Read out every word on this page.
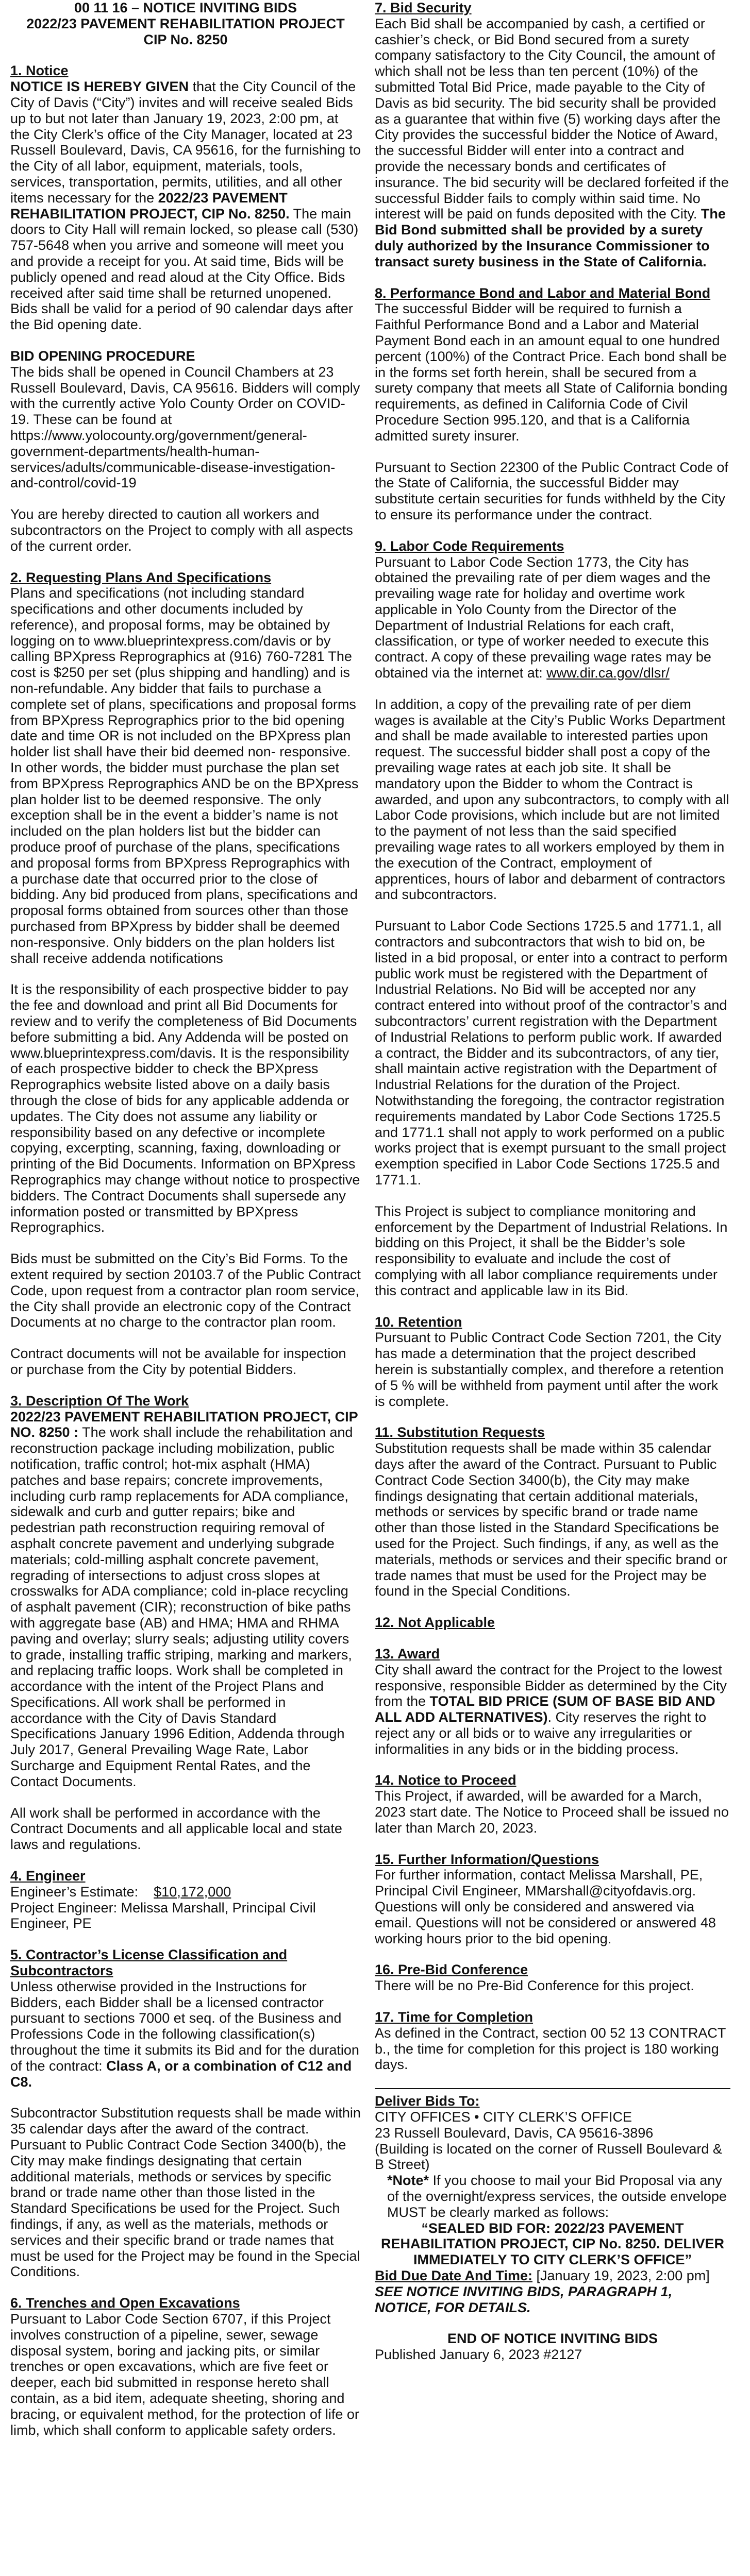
00 11 16 – NOTICE INVITING BIDS
2022/23 PAVEMENT REHABILITATION PROJECT
CIP No. 8250
1. Notice

NOTICE IS HEREBY GIVEN that the City Council of the City of Davis (“City”) invites and will receive sealed Bids up to but not later than January 19, 2023, 2:00 pm, at the City Clerk’s office of the City Manager, located at 23 Russell Boulevard, Davis, CA 95616, for the furnishing to the City of all labor, equipment, materials, tools, services, transportation, permits, utilities, and all other items necessary for the 2022/23 PAVEMENT REHABILITATION PROJECT, CIP No. 8250. The main doors to City Hall will remain locked, so please call (530) 757-5648 when you arrive and someone will meet you and provide a receipt for you. At said time, Bids will be publicly opened and read aloud at the City Office. Bids received after said time shall be returned unopened. Bids shall be valid for a period of 90 calendar days after the Bid opening date.

BID OPENING PROCEDURE

The bids shall be opened in Council Chambers at 23 Russell Boulevard, Davis, CA 95616. Bidders will comply with the currently active Yolo County Order on COVID-19. These can be found at https://www.yolocounty.org/government/general-government-departments/health-human-services/adults/communicable-disease-investigation-and-control/covid-19

You are hereby directed to caution all workers and subcontractors on the Project to comply with all aspects of the current order.

2. Requesting Plans And Specifications

Plans and specifications (not including standard specifications and other documents included by reference), and proposal forms, may be obtained by logging on to www.blueprintexpress.com/davis or by calling BPXpress Reprographics at (916) 760-7281 The cost is $250 per set (plus shipping and handling) and is non-refundable. Any bidder that fails to purchase a complete set of plans, specifications and proposal forms from BPXpress Reprographics prior to the bid opening date and time OR is not included on the BPXpress plan holder list shall have their bid deemed non- responsive. In other words, the bidder must purchase the plan set from BPXpress Reprographics AND be on the BPXpress plan holder list to be deemed responsive. The only exception shall be in the event a bidder’s name is not included on the plan holders list but the bidder can produce proof of purchase of the plans, specifications and proposal forms from BPXpress Reprographics with a purchase date that occurred prior to the close of bidding. Any bid produced from plans, specifications and proposal forms obtained from sources other than those purchased from BPXpress by bidder shall be deemed non-responsive. Only bidders on the plan holders list shall receive addenda notifications

It is the responsibility of each prospective bidder to pay the fee and download and print all Bid Documents for review and to verify the completeness of Bid Documents before submitting a bid. Any Addenda will be posted on www.blueprintexpress.com/davis. It is the responsibility of each prospective bidder to check the BPXpress Reprographics website listed above on a daily basis through the close of bids for any applicable addenda or updates. The City does not assume any liability or responsibility based on any defective or incomplete copying, excerpting, scanning, faxing, downloading or printing of the Bid Documents. Information on BPXpress Reprographics may change without notice to prospective bidders. The Contract Documents shall supersede any information posted or transmitted by BPXpress Reprographics.

Bids must be submitted on the City’s Bid Forms. To the extent required by section 20103.7 of the Public Contract Code, upon request from a contractor plan room service, the City shall provide an electronic copy of the Contract Documents at no charge to the contractor plan room.

Contract documents will not be available for inspection or purchase from the City by potential Bidders.

3. Description Of The Work

2022/23 PAVEMENT REHABILITATION PROJECT, CIP NO. 8250 : The work shall include the rehabilitation and reconstruction package including mobilization, public notification, traffic control; hot-mix asphalt (HMA) patches and base repairs; concrete improvements, including curb ramp replacements for ADA compliance, sidewalk and curb and gutter repairs; bike and pedestrian path reconstruction requiring removal of asphalt concrete pavement and underlying subgrade materials; cold-milling asphalt concrete pavement, regrading of intersections to adjust cross slopes at crosswalks for ADA compliance; cold in-place recycling of asphalt pavement (CIR); reconstruction of bike paths with aggregate base (AB) and HMA; HMA and RHMA paving and overlay; slurry seals; adjusting utility covers to grade, installing traffic striping, marking and markers, and replacing traffic loops. Work shall be completed in accordance with the intent of the Project Plans and Specifications. All work shall be performed in accordance with the City of Davis Standard Specifications January 1996 Edition, Addenda through July 2017, General Prevailing Wage Rate, Labor Surcharge and Equipment Rental Rates, and the Contact Documents.

All work shall be performed in accordance with the Contract Documents and all applicable local and state laws and regulations.

4. Engineer
Engineer’s Estimate: $10,172,000

Project Engineer: Melissa Marshall, Principal Civil Engineer, PE

5. Contractor’s License Classification and Subcontractors

Unless otherwise provided in the Instructions for Bidders, each Bidder shall be a licensed contractor pursuant to sections 7000 et seq. of the Business and Professions Code in the following classification(s) throughout the time it submits its Bid and for the duration of the contract: Class A, or a combination of C12 and C8.

Subcontractor Substitution requests shall be made within 35 calendar days after the award of the contract. Pursuant to Public Contract Code Section 3400(b), the City may make findings designating that certain additional materials, methods or services by specific brand or trade name other than those listed in the Standard Specifications be used for the Project. Such findings, if any, as well as the materials, methods or services and their specific brand or trade names that must be used for the Project may be found in the Special Conditions.

6. Trenches and Open Excavations

Pursuant to Labor Code Section 6707, if this Project involves construction of a pipeline, sewer, sewage disposal system, boring and jacking pits, or similar trenches or open excavations, which are five feet or deeper, each bid submitted in response hereto shall contain, as a bid item, adequate sheeting, shoring and bracing, or equivalent method, for the protection of life or limb, which shall conform to applicable safety orders.

7. Bid Security

Each Bid shall be accompanied by cash, a certified or cashier’s check, or Bid Bond secured from a surety company satisfactory to the City Council, the amount of which shall not be less than ten percent (10%) of the submitted Total Bid Price, made payable to the City of Davis as bid security. The bid security shall be provided as a guarantee that within five (5) working days after the City provides the successful bidder the Notice of Award, the successful Bidder will enter into a contract and provide the necessary bonds and certificates of insurance. The bid security will be declared forfeited if the successful Bidder fails to comply within said time. No interest will be paid on funds deposited with the City. The Bid Bond submitted shall be provided by a surety duly authorized by the Insurance Commissioner to transact surety business in the State of California.

8. Performance Bond and Labor and Material Bond

The successful Bidder will be required to furnish a Faithful Performance Bond and a Labor and Material Payment Bond each in an amount equal to one hundred percent (100%) of the Contract Price. Each bond shall be in the forms set forth herein, shall be secured from a surety company that meets all State of California bonding requirements, as defined in California Code of Civil Procedure Section 995.120, and that is a California admitted surety insurer.

Pursuant to Section 22300 of the Public Contract Code of the State of California, the successful Bidder may substitute certain securities for funds withheld by the City to ensure its performance under the contract.

9. Labor Code Requirements

Pursuant to Labor Code Section 1773, the City has obtained the prevailing rate of per diem wages and the prevailing wage rate for holiday and overtime work applicable in Yolo County from the Director of the Department of Industrial Relations for each craft, classification, or type of worker needed to execute this contract. A copy of these prevailing wage rates may be obtained via the internet at: www.dir.ca.gov/dlsr/

In addition, a copy of the prevailing rate of per diem wages is available at the City’s Public Works Department and shall be made available to interested parties upon request. The successful bidder shall post a copy of the prevailing wage rates at each job site. It shall be mandatory upon the Bidder to whom the Contract is awarded, and upon any subcontractors, to comply with all Labor Code provisions, which include but are not limited to the payment of not less than the said specified prevailing wage rates to all workers employed by them in the execution of the Contract, employment of apprentices, hours of labor and debarment of contractors and subcontractors.

Pursuant to Labor Code Sections 1725.5 and 1771.1, all contractors and subcontractors that wish to bid on, be listed in a bid proposal, or enter into a contract to perform public work must be registered with the Department of Industrial Relations. No Bid will be accepted nor any contract entered into without proof of the contractor’s and subcontractors’ current registration with the Department of Industrial Relations to perform public work. If awarded a contract, the Bidder and its subcontractors, of any tier, shall maintain active registration with the Department of Industrial Relations for the duration of the Project. Notwithstanding the foregoing, the contractor registration requirements mandated by Labor Code Sections 1725.5 and 1771.1 shall not apply to work performed on a public works project that is exempt pursuant to the small project exemption specified in Labor Code Sections 1725.5 and 1771.1.

This Project is subject to compliance monitoring and enforcement by the Department of Industrial Relations. In bidding on this Project, it shall be the Bidder’s sole responsibility to evaluate and include the cost of complying with all labor compliance requirements under this contract and applicable law in its Bid.

10. Retention

Pursuant to Public Contract Code Section 7201, the City has made a determination that the project described herein is substantially complex, and therefore a retention of 5 % will be withheld from payment until after the work is complete.

11. Substitution Requests

Substitution requests shall be made within 35 calendar days after the award of the Contract. Pursuant to Public Contract Code Section 3400(b), the City may make findings designating that certain additional materials, methods or services by specific brand or trade name other than those listed in the Standard Specifications be used for the Project. Such findings, if any, as well as the materials, methods or services and their specific brand or trade names that must be used for the Project may be found in the Special Conditions.

12. Not Applicable

13. Award

City shall award the contract for the Project to the lowest responsive, responsible Bidder as determined by the City from the TOTAL BID PRICE (SUM OF BASE BID AND ALL ADD ALTERNATIVES). City reserves the right to reject any or all bids or to waive any irregularities or informalities in any bids or in the bidding process.

14. Notice to Proceed

This Project, if awarded, will be awarded for a March, 2023 start date. The Notice to Proceed shall be issued no later than March 20, 2023.

15. Further Information/Questions

For further information, contact Melissa Marshall, PE, Principal Civil Engineer, MMarshall@cityofdavis.org. Questions will only be considered and answered via email. Questions will not be considered or answered 48 working hours prior to the bid opening.

16. Pre-Bid Conference

There will be no Pre-Bid Conference for this project.

17. Time for Completion

As defined in the Contract, section 00 52 13 CONTRACT b., the time for completion for this project is 180 working days.

Deliver Bids To:
CITY OFFICES • CITY CLERK’S OFFICE
23 Russell Boulevard, Davis, CA 95616-3896
(Building is located on the corner of Russell Boulevard & B Street)
*Note* If you choose to mail your Bid Proposal via any of the overnight/express services, the outside envelope MUST be clearly marked as follows:
“SEALED BID FOR: 2022/23 PAVEMENT REHABILITATION PROJECT, CIP No. 8250. DELIVER IMMEDIATELY TO CITY CLERK’S OFFICE”
Bid Due Date And Time: [January 19, 2023, 2:00 pm]
SEE NOTICE INVITING BIDS, PARAGRAPH 1, NOTICE, FOR DETAILS.
END OF NOTICE INVITING BIDS
Published January 6, 2023 #2127
